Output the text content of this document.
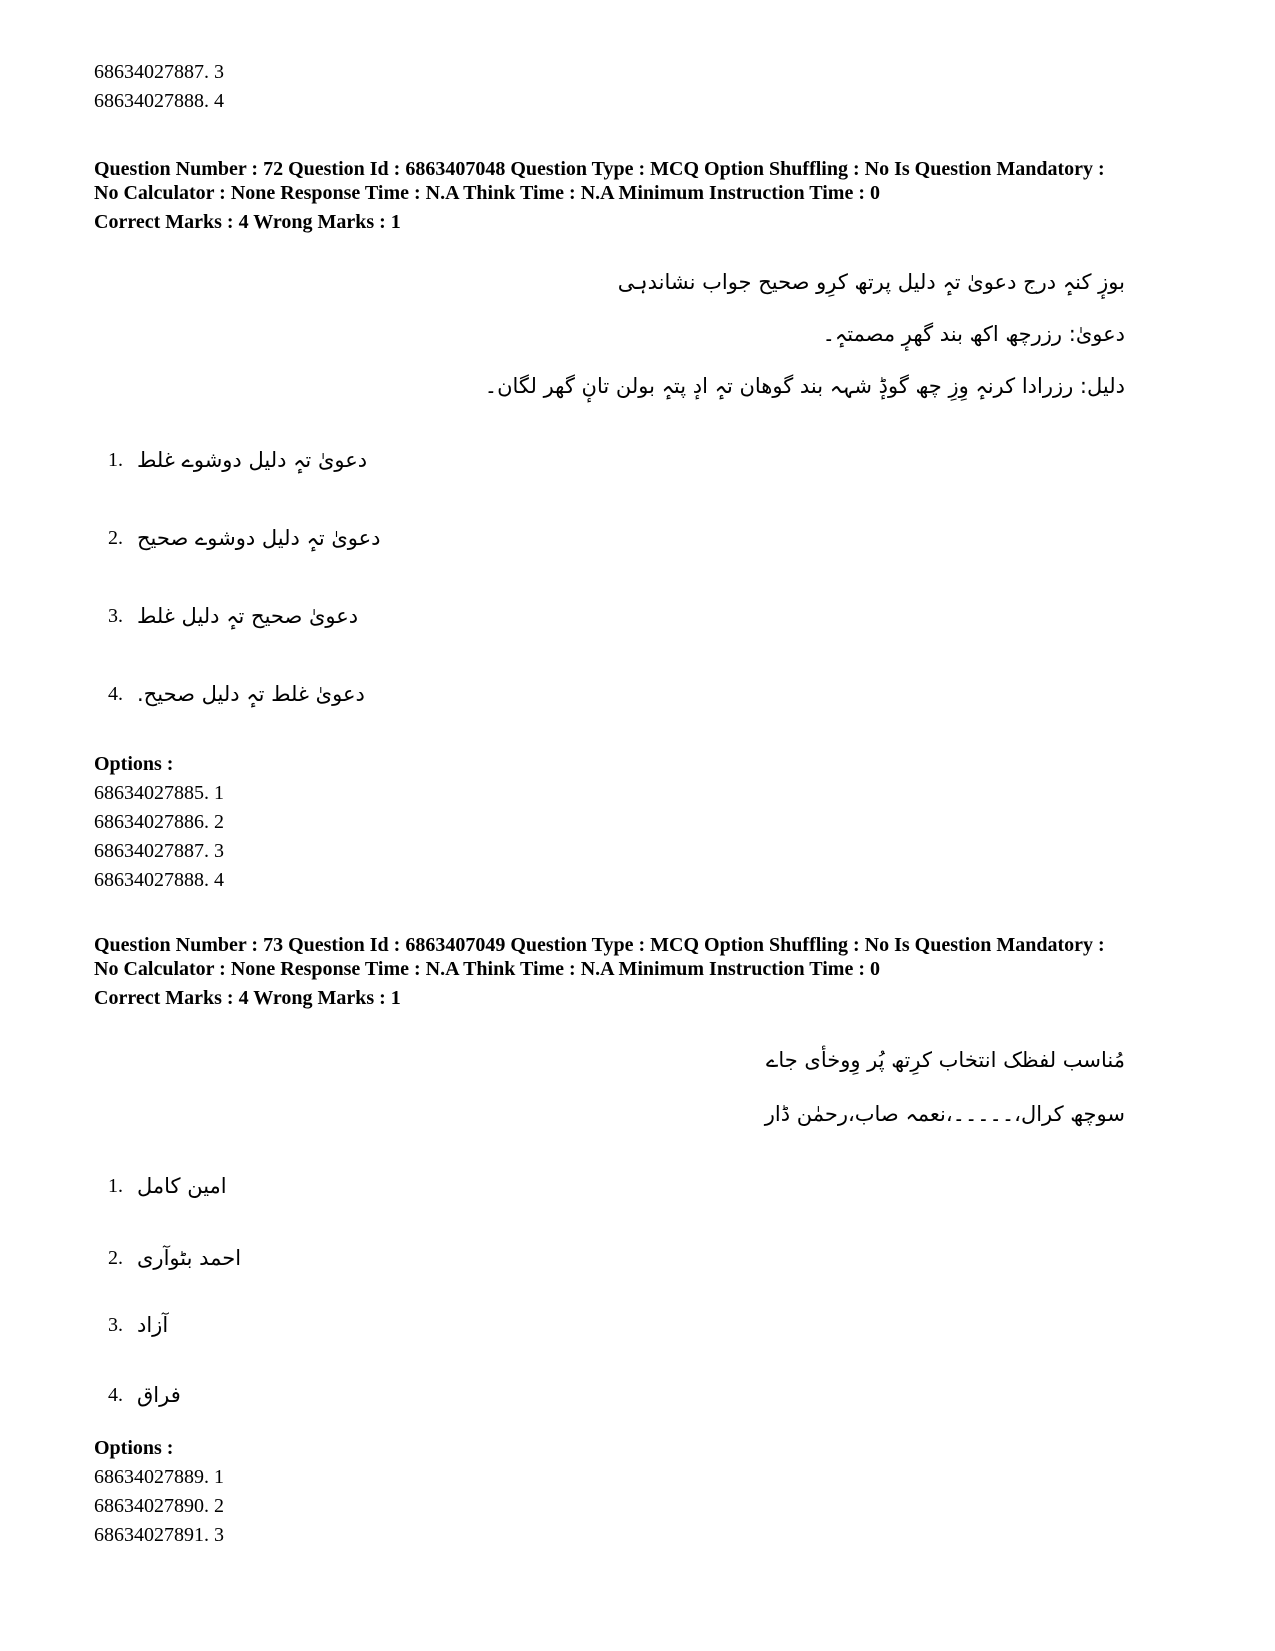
68634027887. 3
68634027888. 4
Question Number : 72 Question Id : 6863407048 Question Type : MCQ Option Shuffling : No Is Question Mandatory :
No Calculator : None Response Time : N.A Think Time : N.A Minimum Instruction Time : 0
Correct Marks : 4 Wrong Marks : 1
بوزٕ کنہٕ درج دعویٰ تہٕ دلیل پرتھ کرِو صحیح جواب نشاندہی
دعویٰ: رزرچھ اکھ بند گھرٕ مصمتہٕ۔
دلیل: رزرادا کرنہٕ وِزِ چھ گوڈٕ شہہ بند گوھان تہٕ ادٕ پتہٕ بولن تانٕ گھر لگان۔
1. دعویٰ تہٕ دلیل دوشوے غلط
2. دعویٰ تہٕ دلیل دوشوے صحیح
3. دعویٰ صحیح تہٕ دلیل غلط
4. دعویٰ غلط تہٕ دلیل صحیح.
Options :
68634027885. 1
68634027886. 2
68634027887. 3
68634027888. 4
Question Number : 73 Question Id : 6863407049 Question Type : MCQ Option Shuffling : No Is Question Mandatory :
No Calculator : None Response Time : N.A Think Time : N.A Minimum Instruction Time : 0
Correct Marks : 4 Wrong Marks : 1
مُناسب لفظک انتخاب کرِتھ پُر وِوخأی جاے
سوچھ کرال،۔۔۔۔۔،نعمہ صاب،رحمٰن ڈار
1. امین کامل
2. احمد بٹوآری
3. آزاد
4. فراق
Options :
68634027889. 1
68634027890. 2
68634027891. 3
